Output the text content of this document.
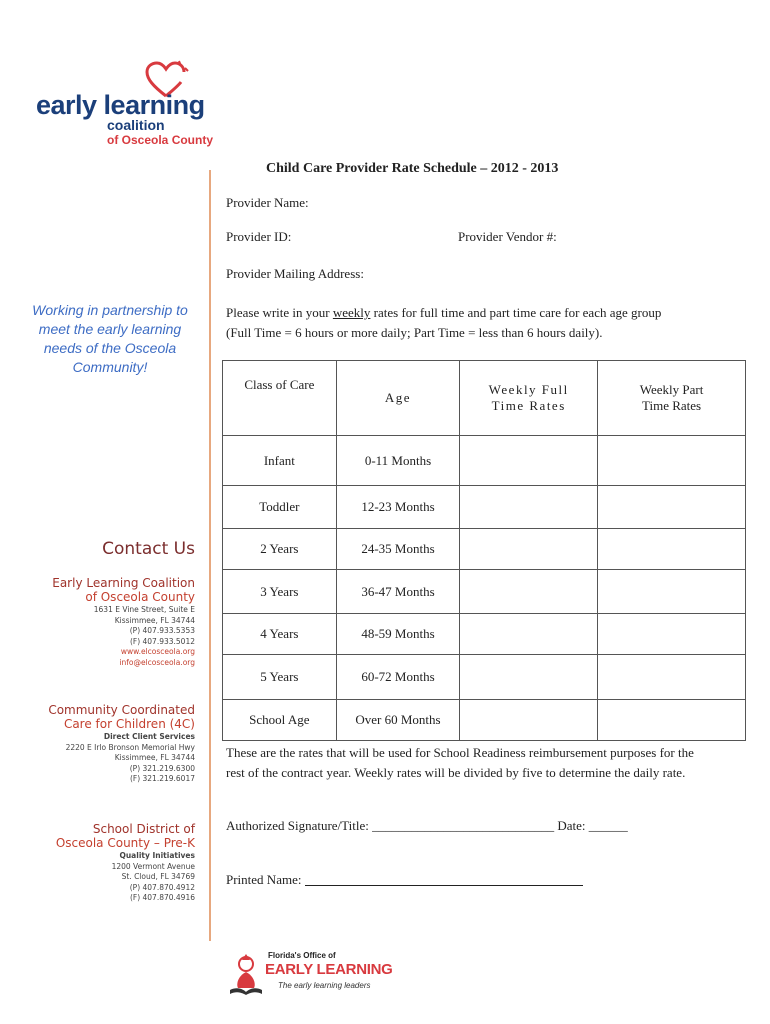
early learning
coalition
of Osceola County
Working in partnership to meet the early learning needs of the Osceola Community!
Contact Us
Early Learning Coalition
of Osceola County
1631 E Vine Street, Suite E
Kissimmee, FL 34744
(P) 407.933.5353
(F) 407.933.5012
www.elcosceola.org
info@elcosceola.org
Community Coordinated
Care for Children (4C)
Direct Client Services
2220 E Irlo Bronson Memorial Hwy
Kissimmee, FL 34744
(P) 321.219.6300
(F) 321.219.6017
School District of
Osceola County – Pre-K
Quality Initiatives
1200 Vermont Avenue
St. Cloud, FL 34769
(P) 407.870.4912
(F) 407.870.4916
Child Care Provider Rate Schedule – 2012 - 2013
Provider Name:
Provider ID:	Provider Vendor #:
Provider Mailing Address:
Please write in your weekly rates for full time and part time care for each age group (Full Time = 6 hours or more daily; Part Time = less than 6 hours daily).
Class of Care	Age	Weekly Full Time Rates	Weekly Part Time Rates
Infant	0-11 Months		
Toddler	12-23 Months		
2 Years	24-35 Months		
3 Years	36-47 Months		
4 Years	48-59 Months		
5 Years	60-72 Months		
School Age	Over 60 Months		
These are the rates that will be used for School Readiness reimbursement purposes for the rest of the contract year. Weekly rates will be divided by five to determine the daily rate.
Authorized Signature/Title: ____________________________ Date: ______
Printed Name:
Florida's Office of
EARLY LEARNING
The early learning leaders
